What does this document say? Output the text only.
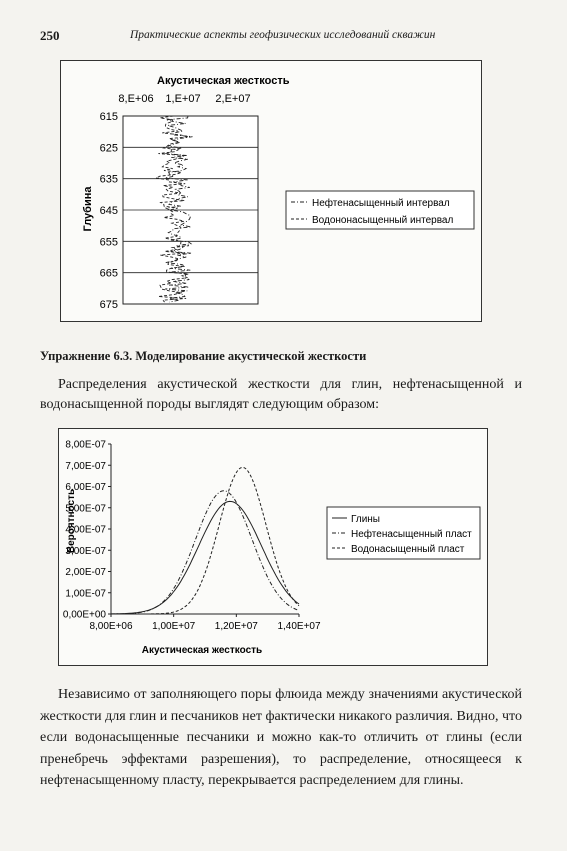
250	Практические аспекты геофизических исследований скважин
Акустическая жесткость
8,E+06 1,E+07 2,E+07
615
625
635
645
655
665
675
Глубина	Нефтенасыщенный интервал
Водононасыщенный интервал
Упражнение 6.3. Моделирование акустической жесткости
Распределения акустической жесткости для глин, нефтенасыщенной и водонасыщенной породы выглядят следующим образом:
8,00E-07
7,00E-07
6,00E-07
5,00E-07
4,00E-07
3,00E-07
2,00E-07
1,00E-07
0,00E+00
8,00E+06 1,00E+07 1,20E+07 1,40E+07
Вероятность
Акустическая жесткость
Глины
Нефтенасыщенный пласт
Водонасыщенный пласт
Независимо от заполняющего поры флюида между значениями акустической жесткости для глин и песчаников нет фактически никакого различия. Видно, что если водонасыщенные песчаники и можно как-то отличить от глины (если пренебречь эффектами разрешения), то распределение, относящееся к нефтенасыщенному пласту, перекрывается распределением для глины.
